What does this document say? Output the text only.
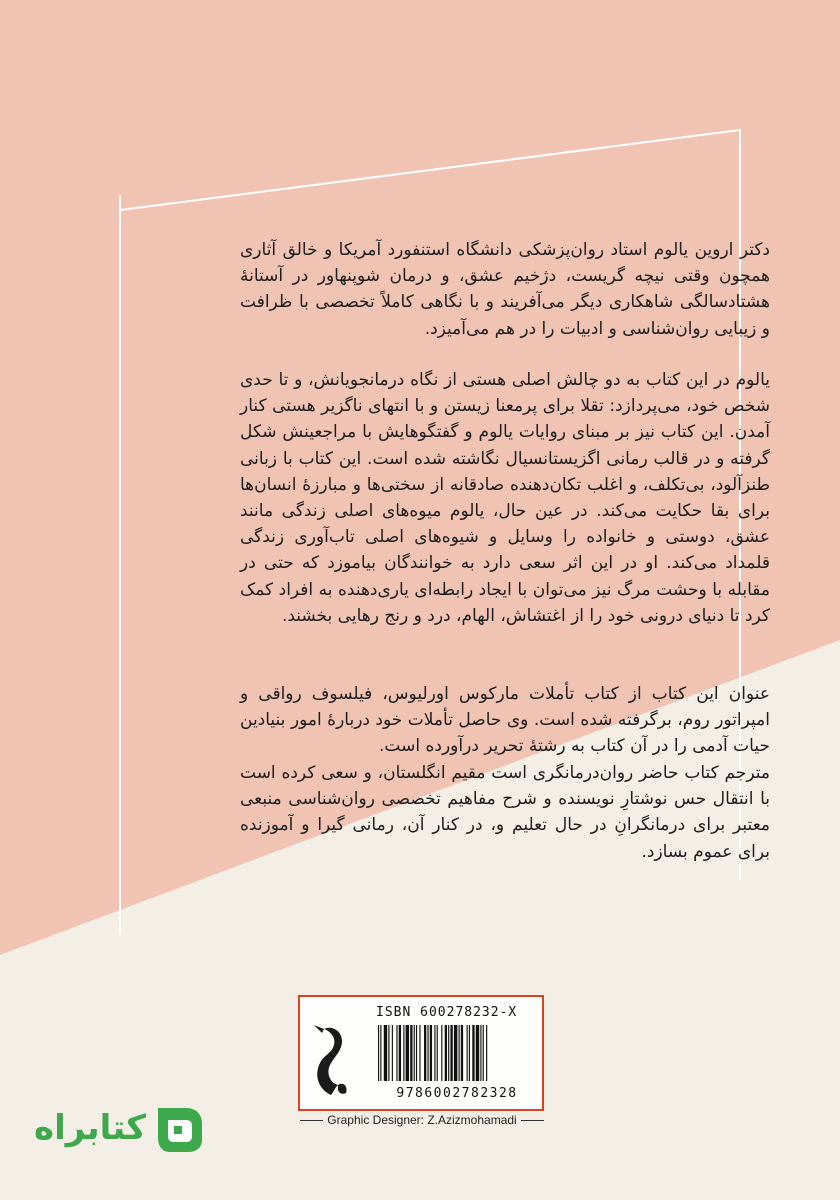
دکتر اروین یالوم استاد روان‌پزشکی دانشگاه استنفورد آمریکا و خالق آثاری همچون وقتی نیچه گریست، دژخیم عشق، و درمان شوپنهاور در آستانهٔ هشتادسالگی شاهکاری دیگر می‌آفریند و با نگاهی کاملاً تخصصی با ظرافت و زیبایی روان‌شناسی و ادبیات را در هم می‌آمیزد.

یالوم در این کتاب به دو چالش اصلی هستی از نگاه درمانجویانش، و تا حدی شخص خود، می‌پردازد: تقلا برای پرمعنا زیستن و با انتهای ناگزیر هستی کنار آمدن. این کتاب نیز بر مبنای روایات یالوم و گفتگوهایش با مراجعینش شکل گرفته و در قالب رمانی اگزیستانسیال نگاشته شده است. این کتاب با زبانی طنزآلود، بی‌تکلف، و اغلب تکان‌دهنده صادقانه از سختی‌ها و مبارزهٔ انسان‌ها برای بقا حکایت می‌کند. در عین حال، یالوم میوه‌های اصلی زندگی مانند عشق، دوستی و خانواده را وسایل و شیوه‌های اصلی تاب‌آوری زندگی قلمداد می‌کند. او در این اثر سعی دارد به خوانندگان بیاموزد که حتی در مقابله با وحشت مرگ نیز می‌توان با ایجاد رابطه‌ای یاری‌دهنده به افراد کمک کرد تا دنیای درونی خود را از اغتشاش، الهام، درد و رنج رهایی بخشند.

عنوان این کتاب از کتاب تأملات مارکوس اورلیوس، فیلسوف رواقی و امپراتور روم، برگرفته شده است. وی حاصل تأملات خود دربارهٔ امور بنیادین حیات آدمی را در آن کتاب به رشتهٔ تحریر درآورده است.

مترجم کتاب حاضر روان‌درمانگری است مقیم انگلستان، و سعی کرده است با انتقال حس نوشتارِ نویسنده و شرح مفاهیم تخصصی روان‌شناسی منبعی معتبر برای درمانگرانِ در حال تعلیم و، در کنار آن، رمانی گیرا و آموزنده برای عموم بسازد.

ISBN 600278232-X
9786002782328
Graphic Designer: Z.Azizmohamadi
کتابراه
